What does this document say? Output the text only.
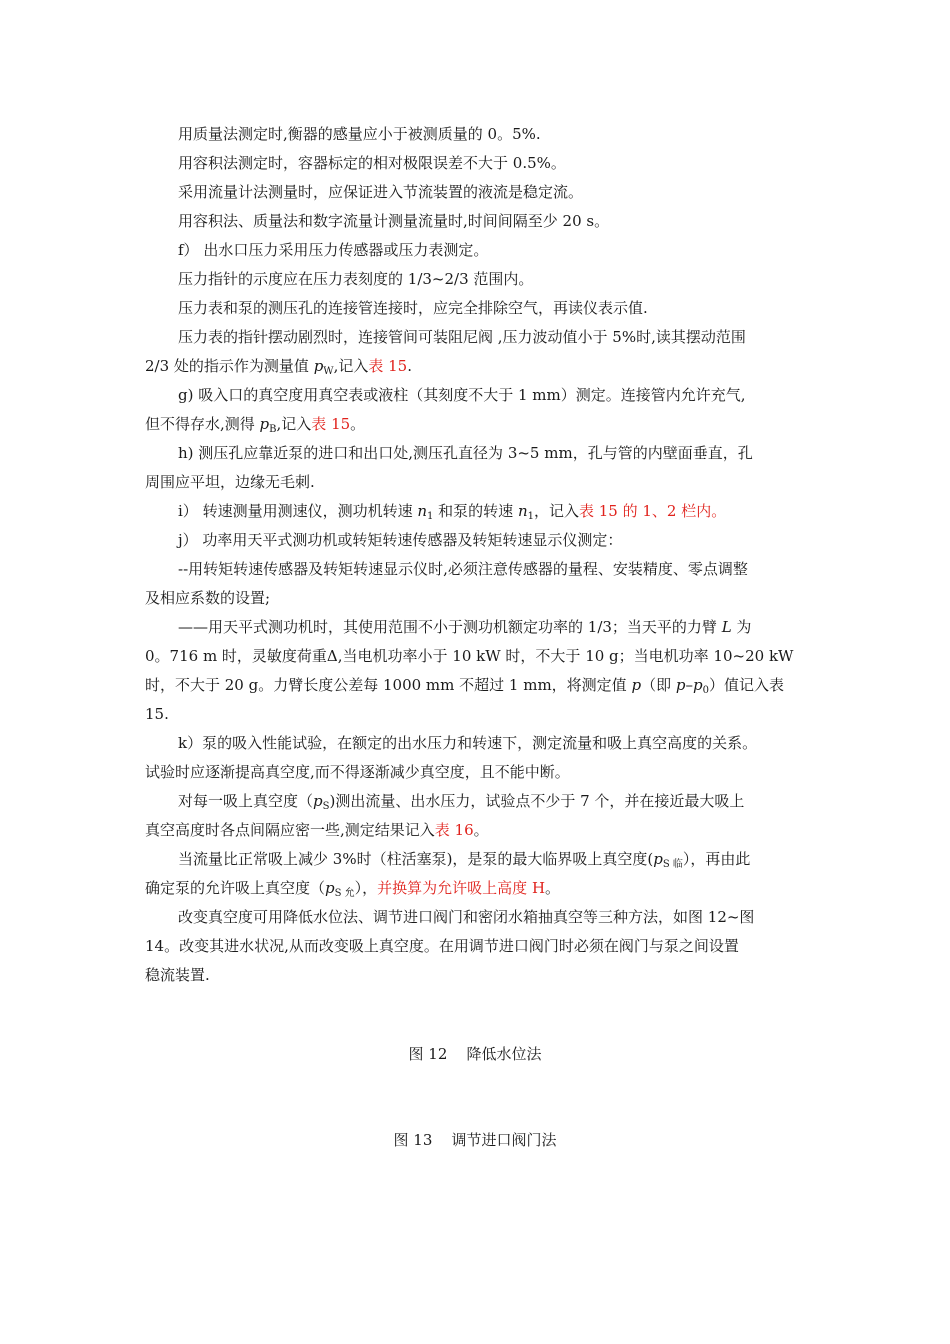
用质量法测定时,衡器的感量应小于被测质量的 0。5%.
用容积法测定时，容器标定的相对极限误差不大于 0.5%。
采用流量计法测量时，应保证进入节流装置的液流是稳定流。
用容积法、质量法和数字流量计测量流量时,时间间隔至少 20 s。
f） 出水口压力采用压力传感器或压力表测定。
压力指针的示度应在压力表刻度的 1/3~2/3 范围内。
压力表和泵的测压孔的连接管连接时，应完全排除空气，再读仪表示值.
压力表的指针摆动剧烈时，连接管间可装阻尼阀 ,压力波动值小于 5%时,读其摆动范围
2/3 处的指示作为测量值 $p_W$,记入表 15.
g) 吸入口的真空度用真空表或液柱（其刻度不大于 1 mm）测定。连接管内允许充气,
但不得存水,测得 $p_B$,记入表 15。
h) 测压孔应靠近泵的进口和出口处,测压孔直径为 3~5 mm，孔与管的内壁面垂直，孔
周围应平坦，边缘无毛刺.
i） 转速测量用测速仪，测功机转速 $n_1$ 和泵的转速 $n_1$，记入表 15 的 1、2 栏内。
j） 功率用天平式测功机或转矩转速传感器及转矩转速显示仪测定：
--用转矩转速传感器及转矩转速显示仪时,必须注意传感器的量程、安装精度、零点调整
及相应系数的设置;
——用天平式测功机时，其使用范围不小于测功机额定功率的 1/3；当天平的力臂 L 为
0。716 m 时，灵敏度荷重Δ,当电机功率小于 10 kW 时，不大于 10 g；当电机功率 10~20 kW
时，不大于 20 g。力臂长度公差每 1000 mm 不超过 1 mm，将测定值 p（即 $p-p_0$）值记入表
15.
k）泵的吸入性能试验，在额定的出水压力和转速下，测定流量和吸上真空高度的关系。
试验时应逐渐提高真空度,而不得逐渐减少真空度，且不能中断。
对每一吸上真空度$(p_S)$测出流量、出水压力，试验点不少于 7 个，并在接近最大吸上
真空高度时各点间隔应密一些,测定结果记入表 16。
当流量比正常吸上减少 3%时（柱活塞泵)，是泵的最大临界吸上真空度$(p_{S 临})$，再由此
确定泵的允许吸上真空度$(p_{S 允})$，并换算为允许吸上高度 H。
改变真空度可用降低水位法、调节进口阀门和密闭水箱抽真空等三种方法，如图 12~图
14。改变其进水状况,从而改变吸上真空度。在用调节进口阀门时必须在阀门与泵之间设置
稳流装置.
图 12    降低水位法
图 13    调节进口阀门法
